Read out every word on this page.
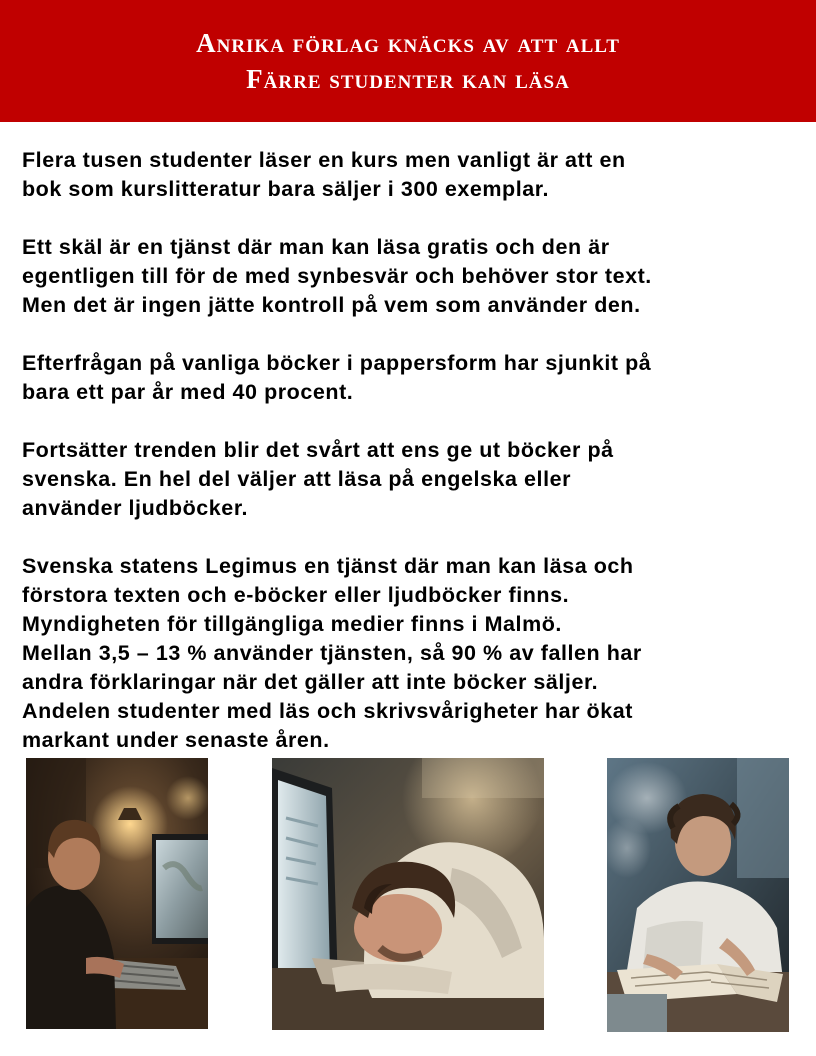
Anrika förlag knäcks av att allt
Färre studenter kan läsa

Flera tusen studenter läser en kurs men vanligt är att en
bok som kurslitteratur bara säljer i 300 exemplar.

Ett skäl är en tjänst där man kan läsa gratis och den är
egentligen till för de med synbesvär och behöver stor text.
Men det är ingen jätte kontroll på vem som använder den.

Efterfrågan på vanliga böcker i pappersform har sjunkit på
bara ett par år med 40 procent.

Fortsätter trenden blir det svårt att ens ge ut böcker på
svenska. En hel del väljer att läsa på engelska eller
använder ljudböcker.

Svenska statens Legimus en tjänst där man kan läsa och
förstora texten och e-böcker eller ljudböcker finns.
Myndigheten för tillgängliga medier finns i Malmö.
Mellan 3,5 – 13 % använder tjänsten, så 90 % av fallen har
andra förklaringar när det gäller att inte böcker säljer.
Andelen studenter med läs och skrivsvårigheter har ökat
markant under senaste åren.
